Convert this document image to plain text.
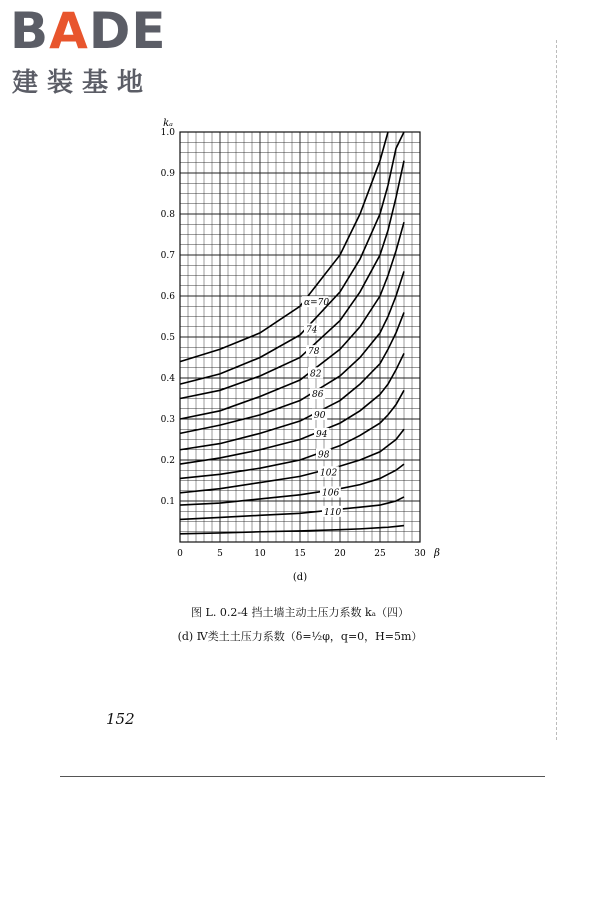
BADE
建装基地
α=70
74
78
82
86
90
94
98
102
106
110
0.1
0.2
0.3
0.4
0.5
0.6
0.7
0.8
0.9
1.0
0	5	10	15	20	25	30
kₐ
β
(d)
图 L. 0.2-4 挡土墙主动土压力系数 kₐ（四）
(d) Ⅳ类土土压力系数（δ=½φ，q=0，H=5m）
152
